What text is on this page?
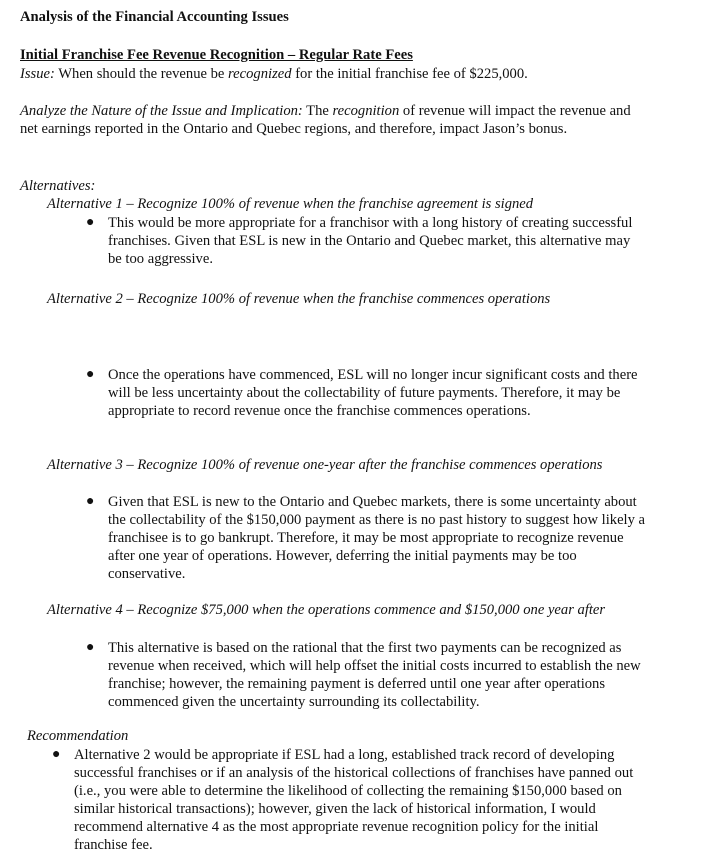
Analysis of the Financial Accounting Issues
Initial Franchise Fee Revenue Recognition – Regular Rate Fees
Issue: When should the revenue be recognized for the initial franchise fee of $225,000.
Analyze the Nature of the Issue and Implication: The recognition of revenue will impact the revenue and net earnings reported in the Ontario and Quebec regions, and therefore, impact Jason’s bonus.
Alternatives:
Alternative 1 – Recognize 100% of revenue when the franchise agreement is signed
● This would be more appropriate for a franchisor with a long history of creating successful franchises. Given that ESL is new in the Ontario and Quebec market, this alternative may be too aggressive.
Alternative 2 – Recognize 100% of revenue when the franchise commences operations
● Once the operations have commenced, ESL will no longer incur significant costs and there will be less uncertainty about the collectability of future payments. Therefore, it may be appropriate to record revenue once the franchise commences operations.
Alternative 3 – Recognize 100% of revenue one-year after the franchise commences operations
● Given that ESL is new to the Ontario and Quebec markets, there is some uncertainty about the collectability of the $150,000 payment as there is no past history to suggest how likely a franchisee is to go bankrupt. Therefore, it may be most appropriate to recognize revenue after one year of operations. However, deferring the initial payments may be too conservative.
Alternative 4 – Recognize $75,000 when the operations commence and $150,000 one year after
● This alternative is based on the rational that the first two payments can be recognized as revenue when received, which will help offset the initial costs incurred to establish the new franchise; however, the remaining payment is deferred until one year after operations commenced given the uncertainty surrounding its collectability.
Recommendation
● Alternative 2 would be appropriate if ESL had a long, established track record of developing successful franchises or if an analysis of the historical collections of franchises have panned out (i.e., you were able to determine the likelihood of collecting the remaining $150,000 based on similar historical transactions); however, given the lack of historical information, I would recommend alternative 4 as the most appropriate revenue recognition policy for the initial franchise fee.
